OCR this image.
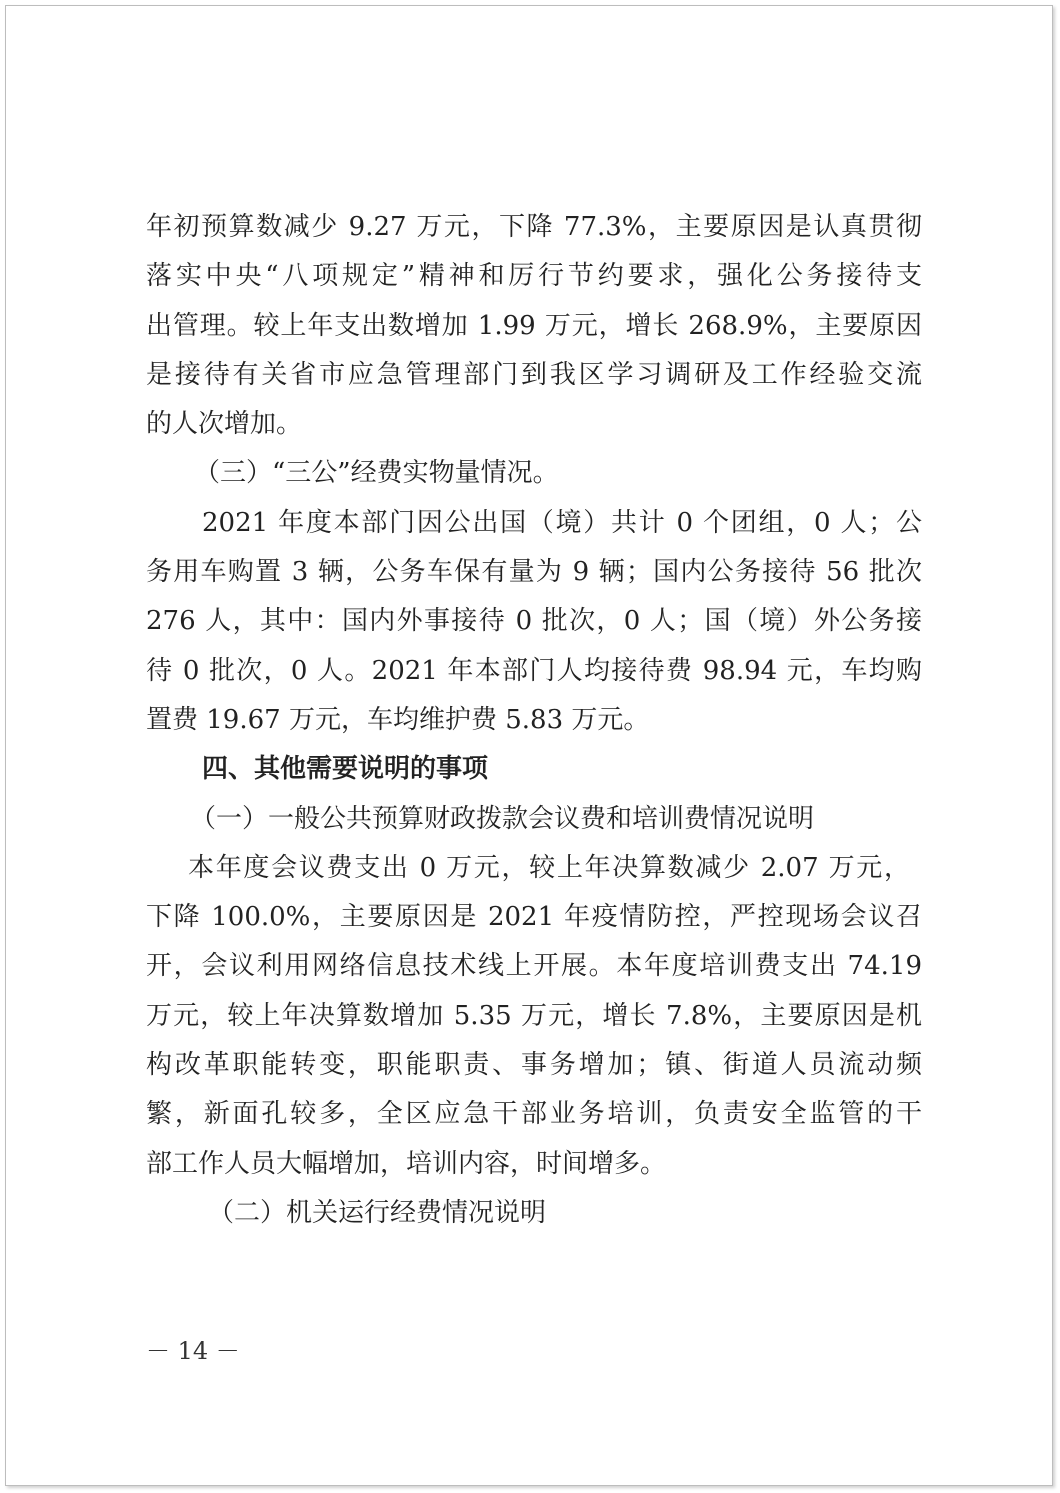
年初预算数减少 9.27 万元，下降 77.3%，主要原因是认真贯彻
落实中央“八项规定”精神和厉行节约要求，强化公务接待支
出管理。较上年支出数增加 1.99 万元，增长 268.9%，主要原因
是接待有关省市应急管理部门到我区学习调研及工作经验交流
的人次增加。
（三）“三公”经费实物量情况。
2021 年度本部门因公出国（境）共计 0 个团组，0 人；公
务用车购置 3 辆，公务车保有量为 9 辆；国内公务接待 56 批次
276 人，其中：国内外事接待 0 批次，0 人；国（境）外公务接
待 0 批次，0 人。2021 年本部门人均接待费 98.94 元，车均购
置费 19.67 万元，车均维护费 5.83 万元。
四、其他需要说明的事项
（一）一般公共预算财政拨款会议费和培训费情况说明
本年度会议费支出 0 万元，较上年决算数减少 2.07 万元，
下降 100.0%，主要原因是 2021 年疫情防控，严控现场会议召
开，会议利用网络信息技术线上开展。本年度培训费支出 74.19
万元，较上年决算数增加 5.35 万元，增长 7.8%，主要原因是机
构改革职能转变，职能职责、事务增加；镇、街道人员流动频
繁，新面孔较多，全区应急干部业务培训，负责安全监管的干
部工作人员大幅增加，培训内容，时间增多。
（二）机关运行经费情况说明
－ 14 －
